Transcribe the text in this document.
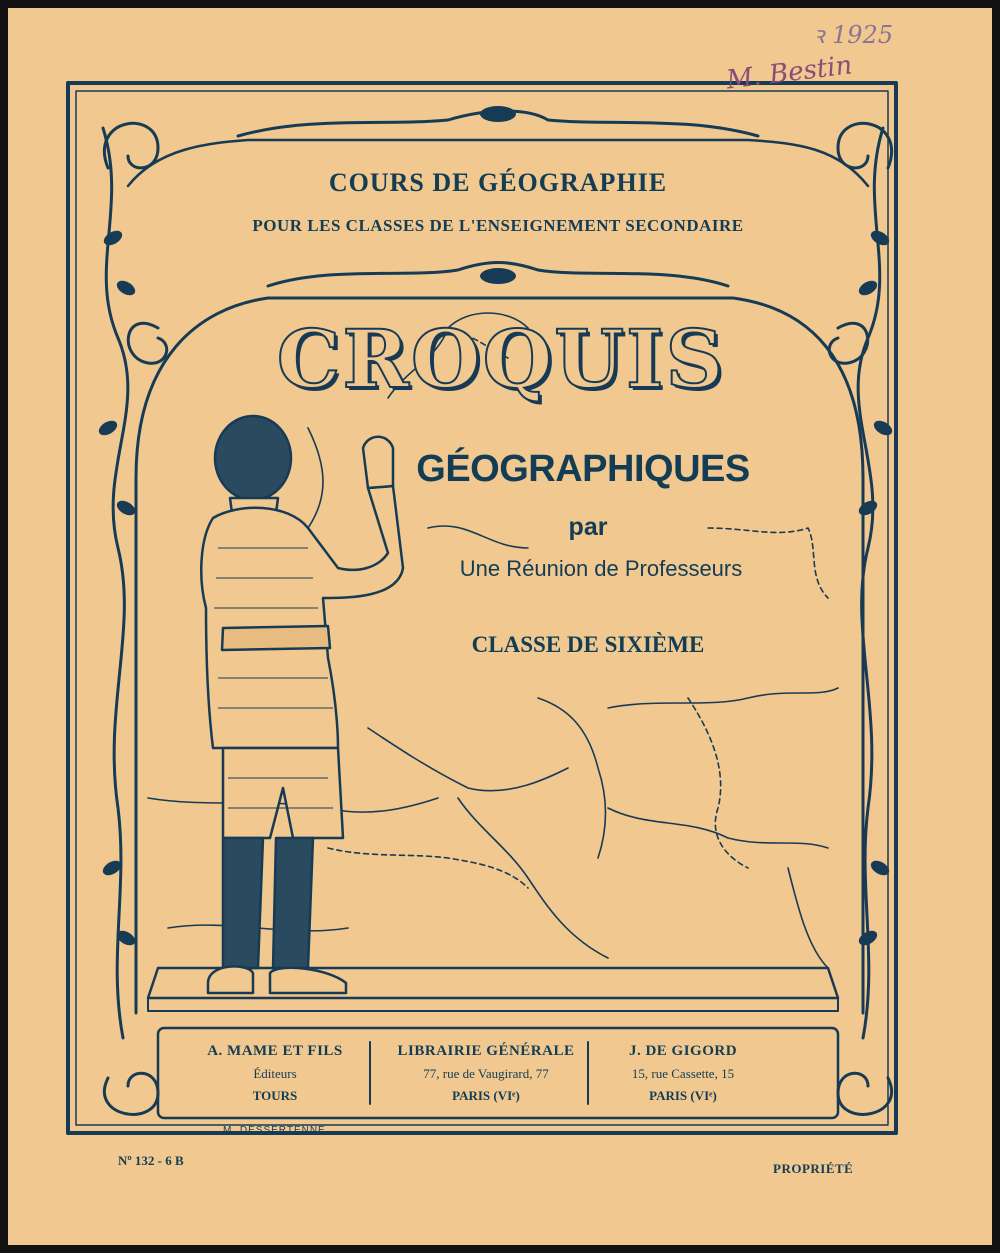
ꝛ 1925
M. Bestin
COURS DE GÉOGRAPHIE
POUR LES CLASSES DE L'ENSEIGNEMENT SECONDAIRE
CROQUIS
GÉOGRAPHIQUES
par
Une Réunion de Professeurs
CLASSE DE SIXIÈME
A. MAME ET FILS
Éditeurs
TOURS
LIBRAIRIE GÉNÉRALE
77, rue de Vaugirard, 77
PARIS (VIᵉ)
J. DE GIGORD
15, rue Cassette, 15
PARIS (VIᵉ)
M. DESSERTENNE
Nº 132 - 6 B
PROPRIÉTÉ
